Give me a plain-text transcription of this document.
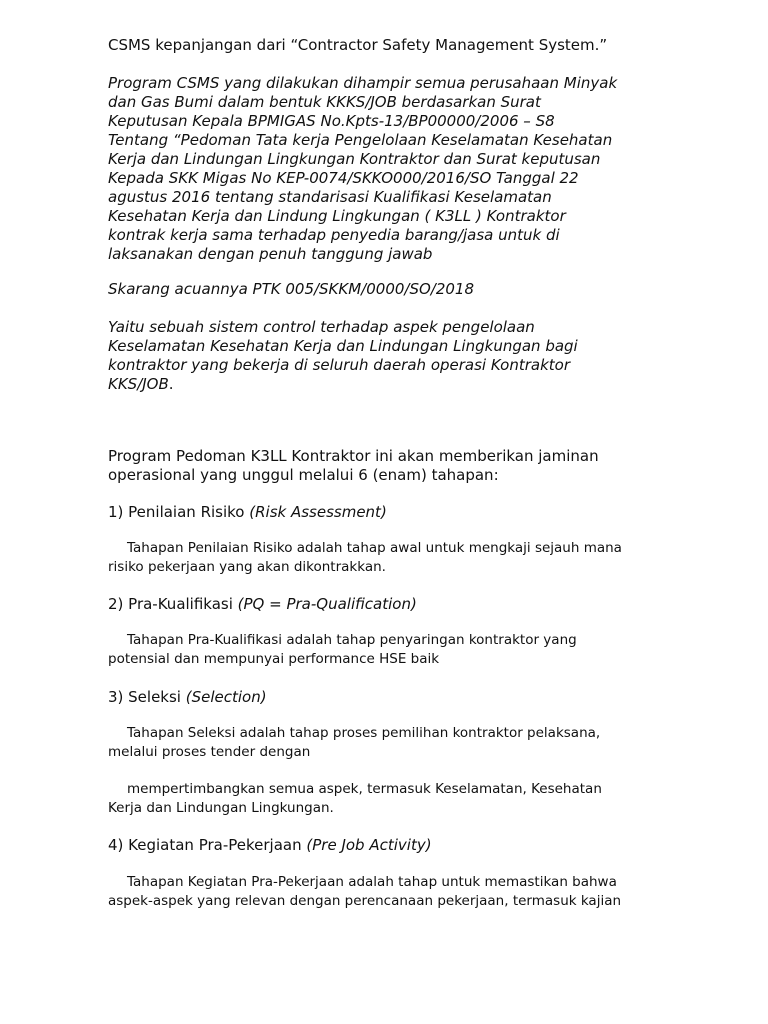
CSMS kepanjangan dari “Contractor Safety Management System.”
Program CSMS yang dilakukan dihampir semua perusahaan Minyak
dan Gas Bumi dalam bentuk KKKS/JOB berdasarkan Surat
Keputusan Kepala BPMIGAS No.Kpts-13/BP00000/2006 – S8
Tentang “Pedoman Tata kerja Pengelolaan Keselamatan Kesehatan
Kerja dan Lindungan Lingkungan Kontraktor dan Surat keputusan
Kepada SKK Migas No KEP-0074/SKKO000/2016/SO Tanggal 22
agustus 2016 tentang standarisasi Kualifikasi Keselamatan
Kesehatan Kerja dan Lindung Lingkungan ( K3LL ) Kontraktor
kontrak kerja sama terhadap penyedia barang/jasa untuk di
laksanakan dengan penuh tanggung jawab
Skarang acuannya PTK 005/SKKM/0000/SO/2018
Yaitu sebuah sistem control terhadap aspek pengelolaan
Keselamatan Kesehatan Kerja dan Lindungan Lingkungan bagi
kontraktor yang bekerja di seluruh daerah operasi Kontraktor
KKS/JOB.
Program Pedoman K3LL Kontraktor ini akan memberikan jaminan
operasional yang unggul melalui 6 (enam) tahapan:
1) Penilaian Risiko (Risk Assessment)
Tahapan Penilaian Risiko adalah tahap awal untuk mengkaji sejauh mana
risiko pekerjaan yang akan dikontrakkan.
2) Pra-Kualifikasi (PQ = Pra-Qualification)
Tahapan Pra-Kualifikasi adalah tahap penyaringan kontraktor yang
potensial dan mempunyai performance HSE baik
3) Seleksi (Selection)
Tahapan Seleksi adalah tahap proses pemilihan kontraktor pelaksana,
melalui proses tender dengan
mempertimbangkan semua aspek, termasuk Keselamatan, Kesehatan
Kerja dan Lindungan Lingkungan.
4) Kegiatan Pra-Pekerjaan (Pre Job Activity)
Tahapan Kegiatan Pra-Pekerjaan adalah tahap untuk memastikan bahwa
aspek-aspek yang relevan dengan perencanaan pekerjaan, termasuk kajian
